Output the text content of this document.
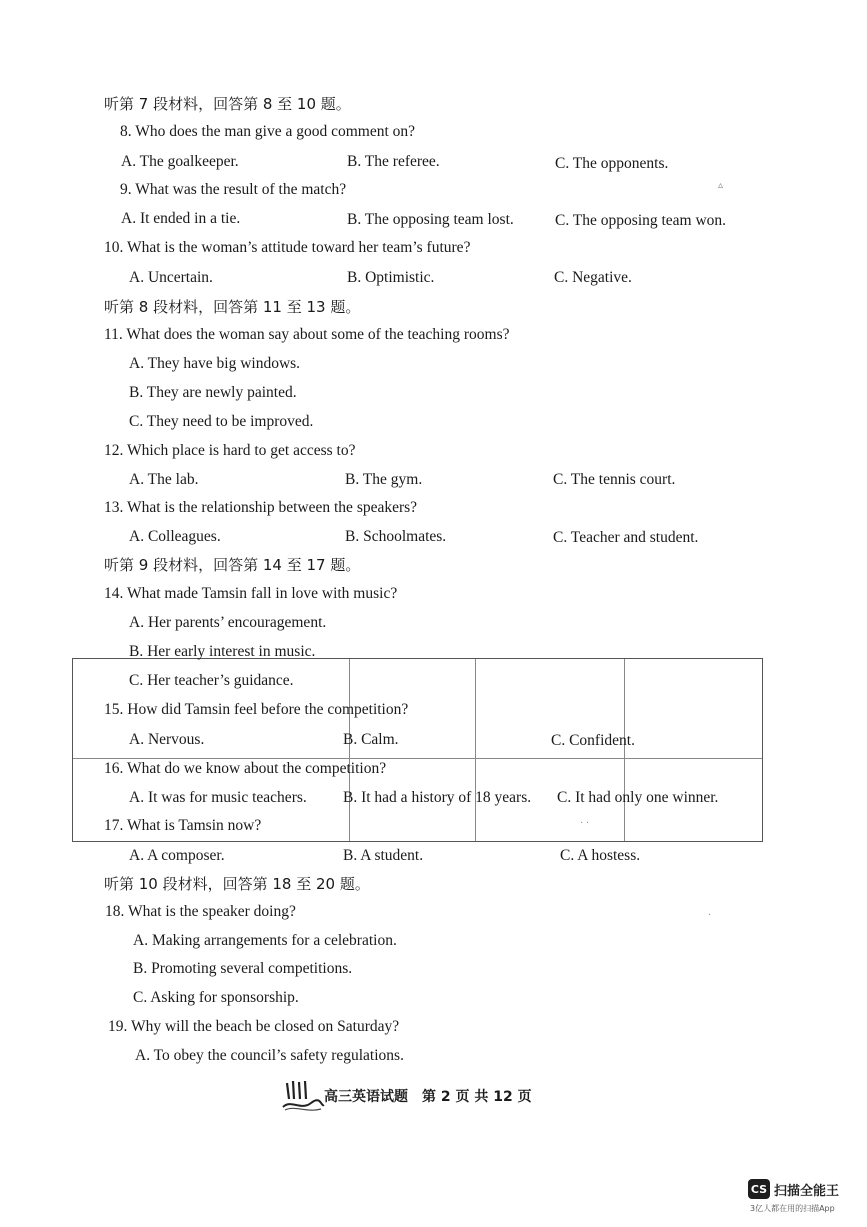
听第 7 段材料，回答第 8 至 10 题。
8. Who does the man give a good comment on?
A. The goalkeeper.	B. The referee.	C. The opponents.
9. What was the result of the match?
A. It ended in a tie.	B. The opposing team lost.	C. The opposing team won.
10. What is the woman’s attitude toward her team’s future?
A. Uncertain.	B. Optimistic.	C. Negative.
听第 8 段材料，回答第 11 至 13 题。
11. What does the woman say about some of the teaching rooms?
A. They have big windows.
B. They are newly painted.
C. They need to be improved.
12. Which place is hard to get access to?
A. The lab.	B. The gym.	C. The tennis court.
13. What is the relationship between the speakers?
A. Colleagues.	B. Schoolmates.	C. Teacher and student.
听第 9 段材料，回答第 14 至 17 题。
14. What made Tamsin fall in love with music?
A. Her parents’ encouragement.
B. Her early interest in music.
C. Her teacher’s guidance.
15. How did Tamsin feel before the competition?
A. Nervous.	B. Calm.	C. Confident.
16. What do we know about the competition?
A. It was for music teachers. B. It had a history of 18 years. C. It had only one winner.
17. What is Tamsin now?
A. A composer.	B. A student.	C. A hostess.
听第 10 段材料，回答第 18 至 20 题。
18. What is the speaker doing?
A. Making arrangements for a celebration.
B. Promoting several competitions.
C. Asking for sponsorship.
19. Why will the beach be closed on Saturday?
A. To obey the council’s safety regulations.
▵
· ·
·
高三英语试题　第 2 页 共 12 页
CS 扫描全能王
3亿人都在用的扫描App
